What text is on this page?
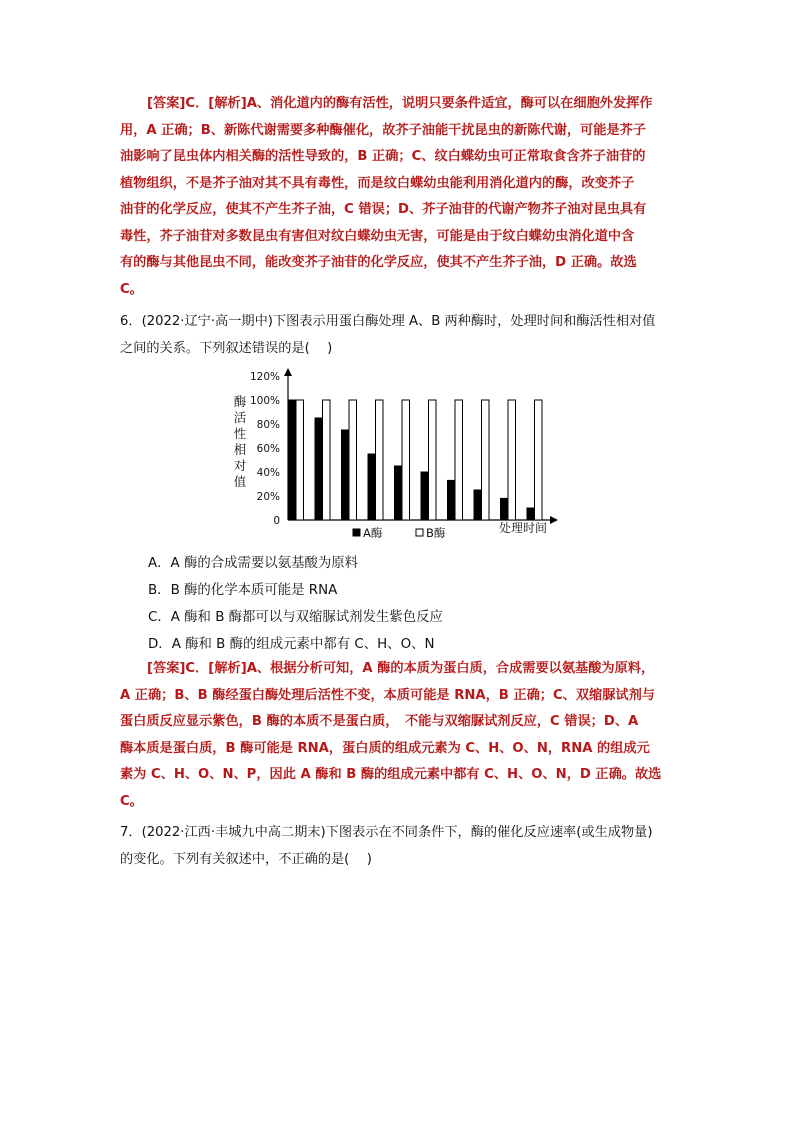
[答案]C．[解析]A、消化道内的酶有活性，说明只要条件适宜，酶可以在细胞外发挥作
用，A 正确；B、新陈代谢需要多种酶催化，故芥子油能干扰昆虫的新陈代谢，可能是芥子
油影响了昆虫体内相关酶的活性导致的，B 正确；C、纹白蝶幼虫可正常取食含芥子油苷的
植物组织，不是芥子油对其不具有毒性，而是纹白蝶幼虫能利用消化道内的酶，改变芥子
油苷的化学反应，使其不产生芥子油，C 错误；D、芥子油苷的代谢产物芥子油对昆虫具有
毒性，芥子油苷对多数昆虫有害但对纹白蝶幼虫无害，可能是由于纹白蝶幼虫消化道中含
有的酶与其他昆虫不同，能改变芥子油苷的化学反应，使其不产生芥子油，D 正确。故选
C。
6．(2022·辽宁·高一期中)下图表示用蛋白酶处理 A、B 两种酶时，处理时间和酶活性相对值
之间的关系。下列叙述错误的是(　 )
酶
活
性
相
对
值
0
20%
40%
60%
80%
100%
120%
A酶	B酶	处理时间
A．A 酶的合成需要以氨基酸为原料
B．B 酶的化学本质可能是 RNA
C．A 酶和 B 酶都可以与双缩脲试剂发生紫色反应
D．A 酶和 B 酶的组成元素中都有 C、H、O、N
[答案]C．[解析]A、根据分析可知，A 酶的本质为蛋白质，合成需要以氨基酸为原料，
A 正确；B、B 酶经蛋白酶处理后活性不变，本质可能是 RNA，B 正确；C、双缩脲试剂与
蛋白质反应显示紫色，B 酶的本质不是蛋白质，　不能与双缩脲试剂反应，C 错误；D、A
酶本质是蛋白质，B 酶可能是 RNA，蛋白质的组成元素为 C、H、O、N，RNA 的组成元
素为 C、H、O、N、P，因此 A 酶和 B 酶的组成元素中都有 C、H、O、N，D 正确。故选
C。
7．(2022·江西·丰城九中高二期末)下图表示在不同条件下，酶的催化反应速率(或生成物量)
的变化。下列有关叙述中，不正确的是(　 )
